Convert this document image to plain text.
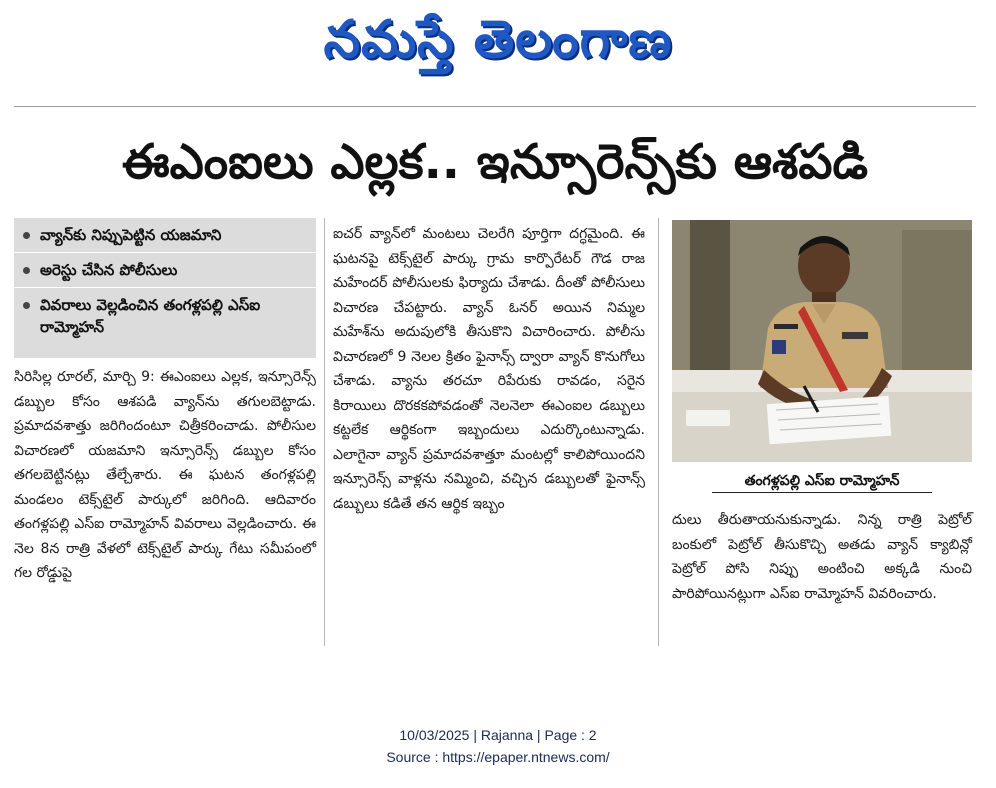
నమస్తే తెలంగాణ
ఈఎంఐలు ఎల్లక.. ఇన్సూరెన్స్‌కు ఆశపడి
వ్యాన్‌కు నిప్పుపెట్టిన యజమాని
అరెస్టు చేసిన పోలీసులు
వివరాలు వెల్లడించిన తంగళ్లపల్లి ఎస్ఐ రామ్మోహన్
సిరిసిల్ల రూరల్, మార్చి 9: ఈఎంఐలు ఎల్లక, ఇన్సూరెన్స్ డబ్బుల కోసం ఆశపడి వ్యాన్‌ను తగులబెట్టాడు. ప్రమాదవశాత్తు జరిగిందంటూ చిత్రీకరించాడు. పోలీసుల విచారణలో యజమాని ఇన్సూరెన్స్ డబ్బుల కోసం తగలబెట్టినట్లు తేల్చేశారు. ఈ ఘటన తంగళ్లపల్లి మండలం టెక్స్‌టైల్ పార్కులో జరిగింది. ఆదివారం తంగళ్లపల్లి ఎస్ఐ రామ్మోహన్ వివరాలు వెల్లడించారు. ఈ నెల 8న రాత్రి వేళలో టెక్స్‌టైల్ పార్కు గేటు సమీపంలో గల రోడ్డుపై
ఐచర్ వ్యాన్‌లో మంటలు చెలరేగి పూర్తిగా దగ్ధమైంది. ఈ ఘటనపై టెక్స్‌టైల్ పార్కు గ్రామ కార్పొరేటర్ గౌడ రాజ మహేందర్ పోలీసులకు ఫిర్యాదు చేశాడు. దీంతో పోలీసులు విచారణ చేపట్టారు. వ్యాన్ ఓనర్ అయిన నిమ్మల మహేశ్‌ను అదుపులోకి తీసుకొని విచారించారు. పోలీసు విచారణలో 9 నెలల క్రితం ఫైనాన్స్ ద్వారా వ్యాన్ కొనుగోలు చేశాడు. వ్యాను తరచూ రిపేరుకు రావడం, సరైన కిరాయిలు దొరకకపోవడంతో నెలనెలా ఈఎంఐల డబ్బులు కట్టలేక ఆర్థికంగా ఇబ్బందులు ఎదుర్కొంటున్నాడు. ఎలాగైనా వ్యాన్ ప్రమాదవశాత్తూ మంటల్లో కాలిపోయిందని ఇన్సూరెన్స్ వాళ్లను నమ్మించి, వచ్చిన డబ్బులతో ఫైనాన్స్ డబ్బులు కడితే తన ఆర్థిక ఇబ్బం
తంగళ్లపల్లి ఎస్ఐ రామ్మోహన్
దులు తీరుతాయనుకున్నాడు. నిన్న రాత్రి పెట్రోల్ బంకులో పెట్రోల్ తీసుకొచ్చి అతడు వ్యాన్ క్యాబిన్లో పెట్రోల్ పోసి నిప్పు అంటించి అక్కడి నుంచి పారిపోయినట్లుగా ఎస్ఐ రామ్మోహన్ వివరించారు.
10/03/2025 | Rajanna | Page : 2
Source : https://epaper.ntnews.com/
